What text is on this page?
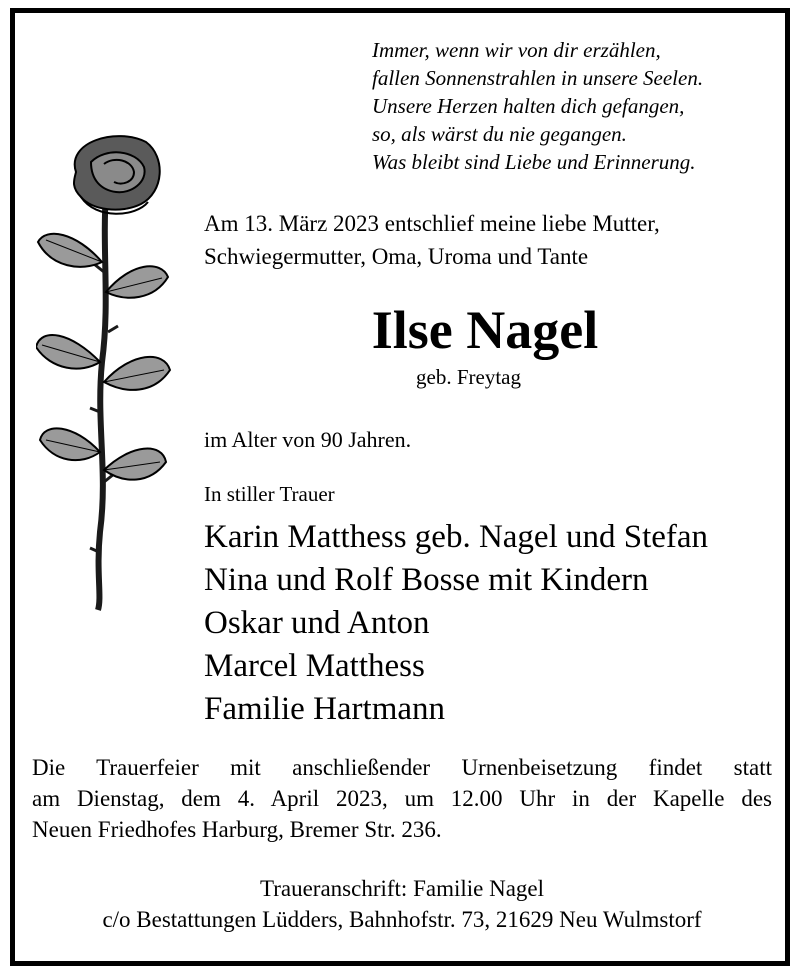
Immer, wenn wir von dir erzählen,
fallen Sonnenstrahlen in unsere Seelen.
Unsere Herzen halten dich gefangen,
so, als wärst du nie gegangen.
Was bleibt sind Liebe und Erinnerung.
Am 13. März 2023 entschlief meine liebe Mutter,
Schwiegermutter, Oma, Uroma und Tante
Ilse Nagel
geb. Freytag
im Alter von 90 Jahren.
In stiller Trauer
Karin Matthess geb. Nagel und Stefan
Nina und Rolf Bosse mit Kindern
Oskar und Anton
Marcel Matthess
Familie Hartmann
Die Trauerfeier mit anschließender Urnenbeisetzung findet statt
am Dienstag, dem 4. April 2023, um 12.00 Uhr in der Kapelle des
Neuen Friedhofes Harburg, Bremer Str. 236.
Traueranschrift: Familie Nagel
c/o Bestattungen Lüdders, Bahnhofstr. 73, 21629 Neu Wulmstorf
